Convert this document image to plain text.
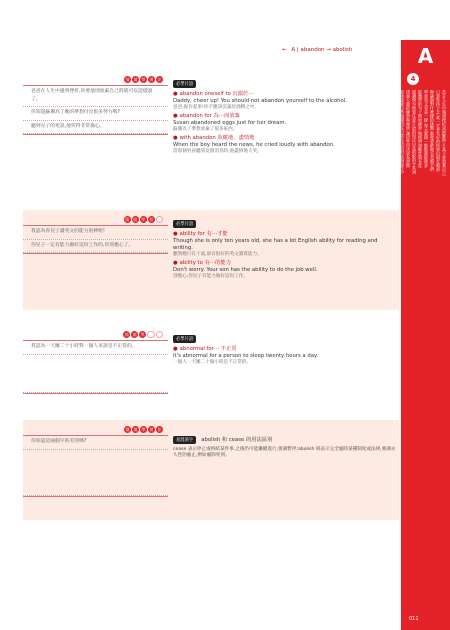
← A | abandon → abolish	A
4
當在人生中遇到挫折或困難時,千萬不要放棄自己
只要堅持下去,就一定會有好的結果出現在眼前
無論面對什麼樣的挑戰,都要勇敢地去克服它們
學習英文也是一樣,每天累積一點點就能進步
從簡單的句子開始練習,慢慢增加難度與長度
閱讀例句時要注意片語的用法以及搭配的介系詞
透過大量的練習與複習,讓這些用法成為習慣
最後就能自然地運用在日常生活的對話與寫作中
011
情	境	學	習	法
爸爸在人生中遇到挫折,你要他別放棄自己時就可以這樣說了。
你知道蘇珊為了她的夢想付出很多努力嗎?
聽到兒子的死訊,他哭得非常傷心。
必學片語
● abandon oneself to 沉溺於⋯
Daddy, cheer up! You should not abandon yourself to the alcohol.
爸爸,振作起來!你不應該沉溺於酒精之中。
● abandon for 為⋯而放棄
Susan abandoned eggs just for her dream.
蘇珊為了夢想放棄了很多東西。
● with abandon 放縱地、盡情地
When the boy heard the news, he cried loudly with abandon.
當那個男孩聽到這個消息時,他盡情地大哭。
情	境	學	習
我認為你兒子讀英文的能力很棒呢!
你兒子一定有能力做好這份工作的,你別擔心了。
必學片語
● ability for 有⋯才能
Though she is only ten years old, she has a lot English ability for reading and writing.
雖然她只有十歲,卻有很好的英文讀寫能力。
● ability to 有⋯的能力
Don't worry. Your son has the ability to do the job well.
別擔心,你兒子有能力做好這份工作。
情	境	學
我認為一天睡二十小時對一個人來說是不正常的。
必學片語
● abnormal for⋯ 不正常
It's abnormal for a person to sleep twenty hours a day.
一個人一天睡二十個小時是不正常的。
情	境	學	習	法
你知道這兩個字的差別嗎?	易混淆字 abolish 和 cease 的用法區別
cease 表示停止或終結某件事,之後仍可能繼續進行,強調暫停;abolish 則表示完全廢除某種制度或法律,強調永久性的廢止,例如廢除死刑。
